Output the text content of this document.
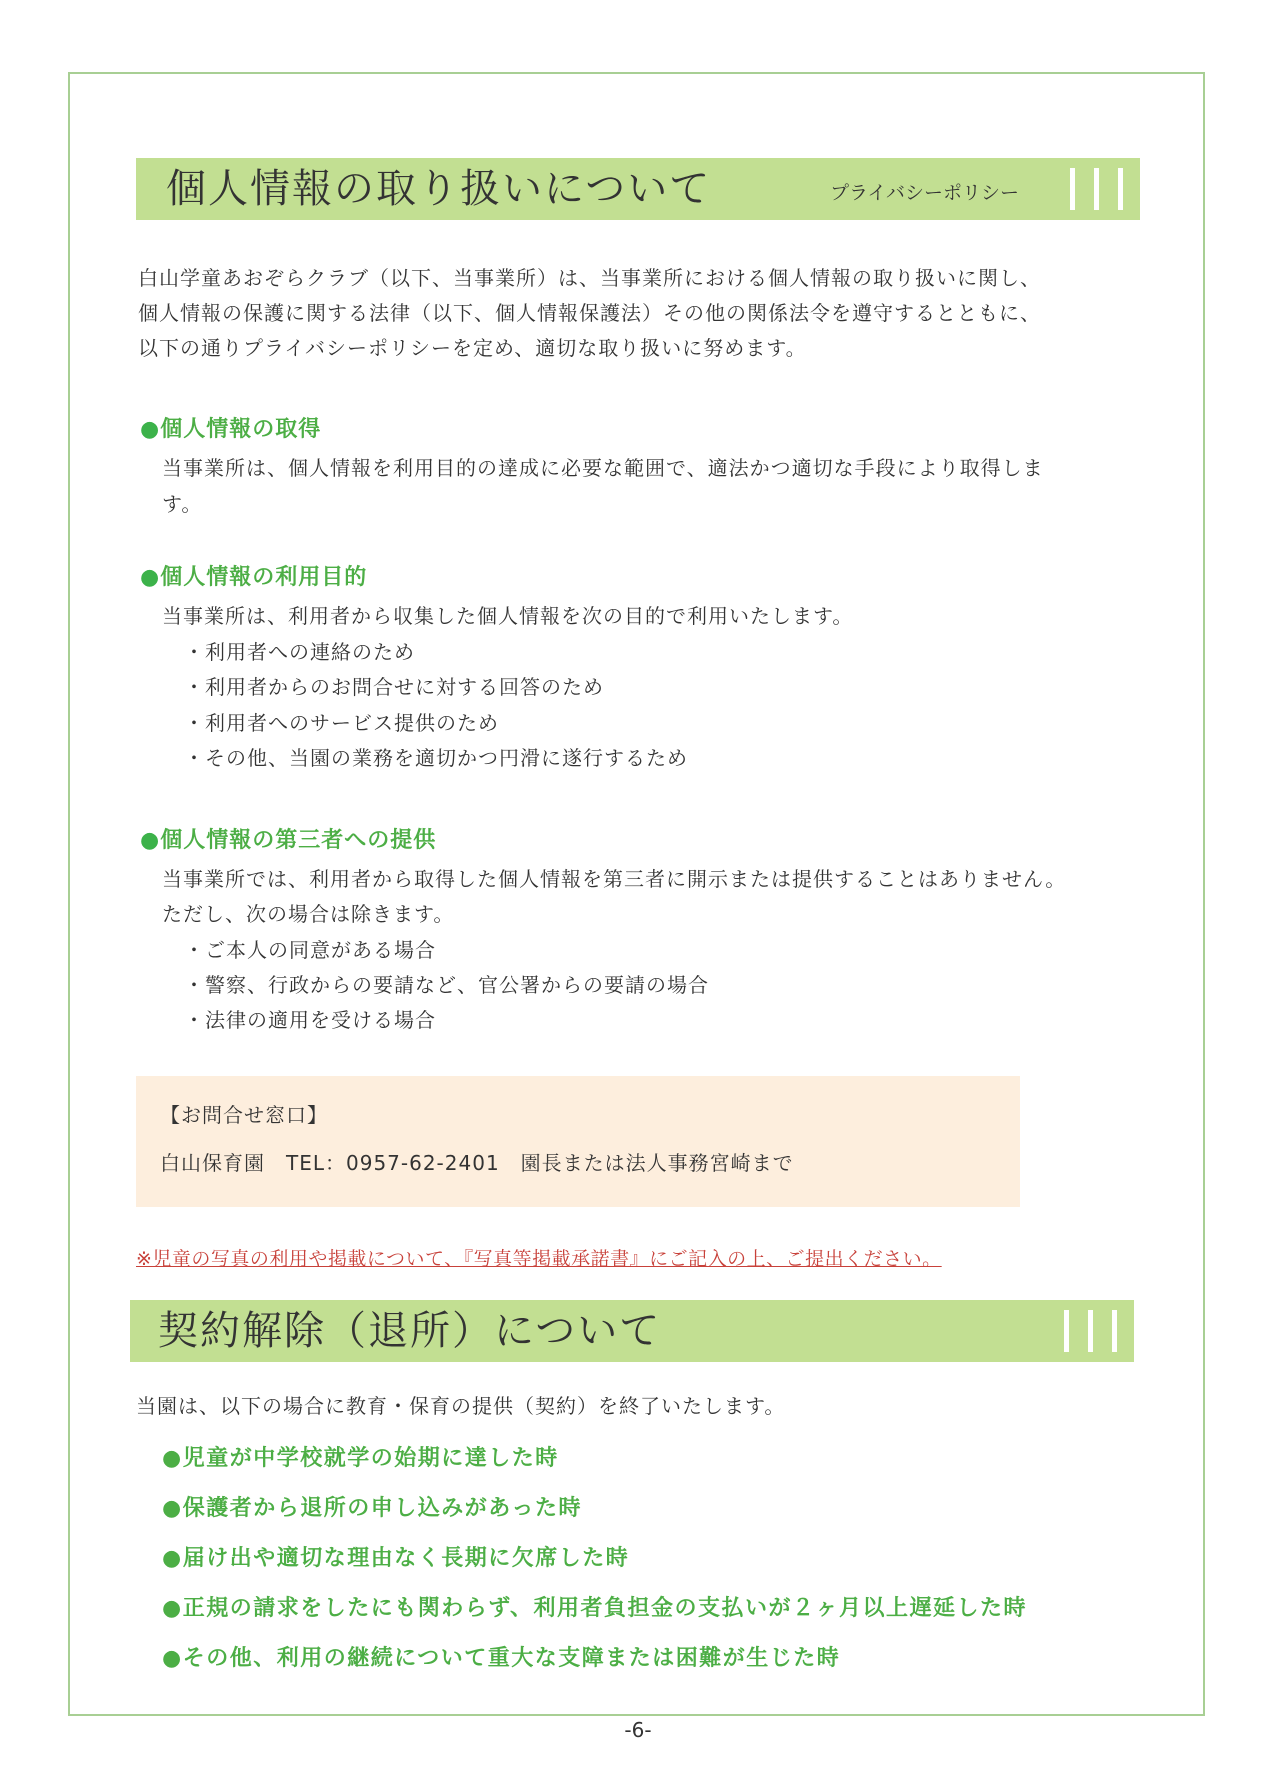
個人情報の取り扱いについて	プライバシーポリシー
白山学童あおぞらクラブ（以下、当事業所）は、当事業所における個人情報の取り扱いに関し、
個人情報の保護に関する法律（以下、個人情報保護法）その他の関係法令を遵守するとともに、
以下の通りプライバシーポリシーを定め、適切な取り扱いに努めます。
●個人情報の取得
当事業所は、個人情報を利用目的の達成に必要な範囲で、適法かつ適切な手段により取得しま
す。
●個人情報の利用目的
当事業所は、利用者から収集した個人情報を次の目的で利用いたします。
・利用者への連絡のため
・利用者からのお問合せに対する回答のため
・利用者へのサービス提供のため
・その他、当園の業務を適切かつ円滑に遂行するため
●個人情報の第三者への提供
当事業所では、利用者から取得した個人情報を第三者に開示または提供することはありません。
ただし、次の場合は除きます。
・ご本人の同意がある場合
・警察、行政からの要請など、官公署からの要請の場合
・法律の適用を受ける場合
【お問合せ窓口】
白山保育園　TEL：0957-62-2401　園長または法人事務宮崎まで
※児童の写真の利用や掲載について、『写真等掲載承諾書』にご記入の上、ご提出ください。
契約解除（退所）について
当園は、以下の場合に教育・保育の提供（契約）を終了いたします。
●児童が中学校就学の始期に達した時
●保護者から退所の申し込みがあった時
●届け出や適切な理由なく長期に欠席した時
●正規の請求をしたにも関わらず、利用者負担金の支払いが２ヶ月以上遅延した時
●その他、利用の継続について重大な支障または困難が生じた時
-6-
